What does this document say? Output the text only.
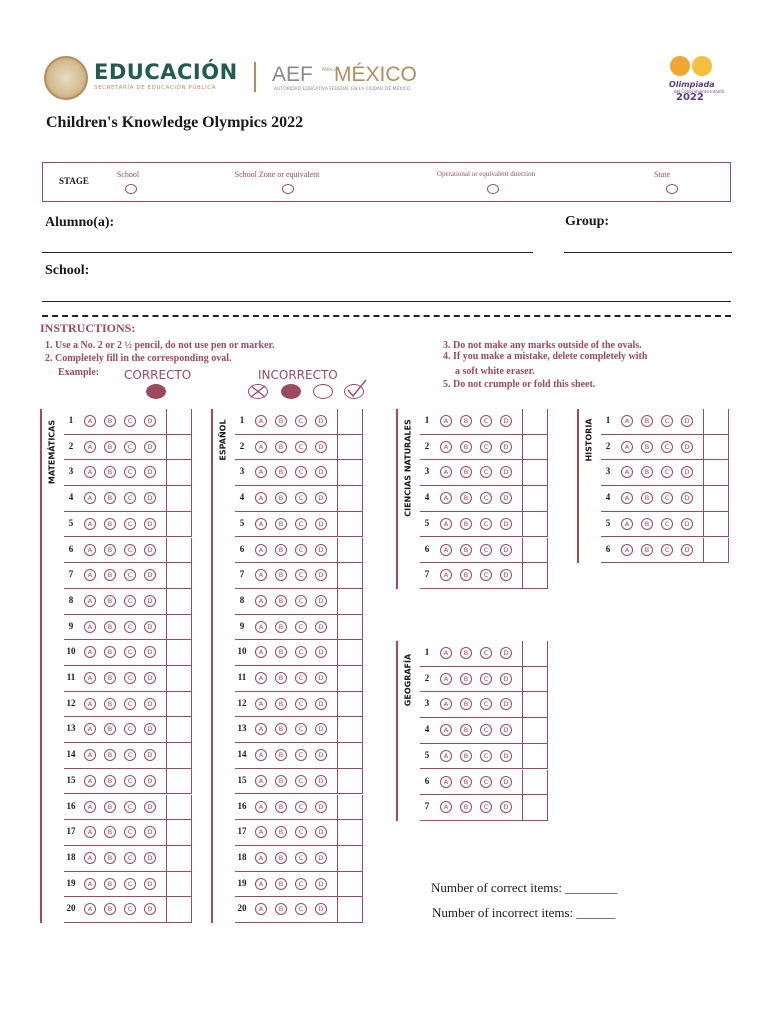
EDUCACIÓN
SECRETARÍA DE EDUCACIÓN PÚBLICA
AEF PARA LA
MÉXICO
AUTORIDAD EDUCATIVA FEDERAL EN LA CIUDAD DE MÉXICO
Olimpiada
del Conocimiento Infantil
2022
Children's Knowledge Olympics 2022
STAGE
School	School Zone or equivalent	Operational or equivalent direction	State
Alumno(a):	Group:
School:
INSTRUCTIONS:
1. Use a No. 2 or 2 ½ pencil, do not use pen or marker.
2. Completely fill in the corresponding oval.
Example:
3. Do not make any marks outside of the ovals.
4. If you make a mistake, delete completely with
a soft white eraser.
5. Do not crumple or fold this sheet.
CORRECTO	INCORRECTO
MATEMÁTICAS	1	A	B	C	D
2	A	B	C	D
3	A	B	C	D
4	A	B	C	D
5	A	B	C	D
6	A	B	C	D
7	A	B	C	D
8	A	B	C	D
9	A	B	C	D
10	A	B	C	D
11	A	B	C	D
12	A	B	C	D
13	A	B	C	D
14	A	B	C	D
15	A	B	C	D
16	A	B	C	D
17	A	B	C	D
18	A	B	C	D
19	A	B	C	D
20	A	B	C	D
ESPAÑOL	1	A	B	C	D
2	A	B	C	D
3	A	B	C	D
4	A	B	C	D
5	A	B	C	D
6	A	B	C	D
7	A	B	C	D
8	A	B	C	D
9	A	B	C	D
10	A	B	C	D
11	A	B	C	D
12	A	B	C	D
13	A	B	C	D
14	A	B	C	D
15	A	B	C	D
16	A	B	C	D
17	A	B	C	D
18	A	B	C	D
19	A	B	C	D
20	A	B	C	D
CIENCIAS NATURALES	1	A	B	C	D
2	A	B	C	D
3	A	B	C	D
4	A	B	C	D
5	A	B	C	D
6	A	B	C	D
7	A	B	C	D
HISTORIA	1	A	B	C	D
2	A	B	C	D
3	A	B	C	D
4	A	B	C	D
5	A	B	C	D
6	A	B	C	D
GEOGRAFÍA
1	A	B	C	D
2	A	B	C	D
3	A	B	C	D
4	A	B	C	D
5	A	B	C	D
6	A	B	C	D
7	A	B	C	D
Number of correct items: ________
Number of incorrect items: ______
